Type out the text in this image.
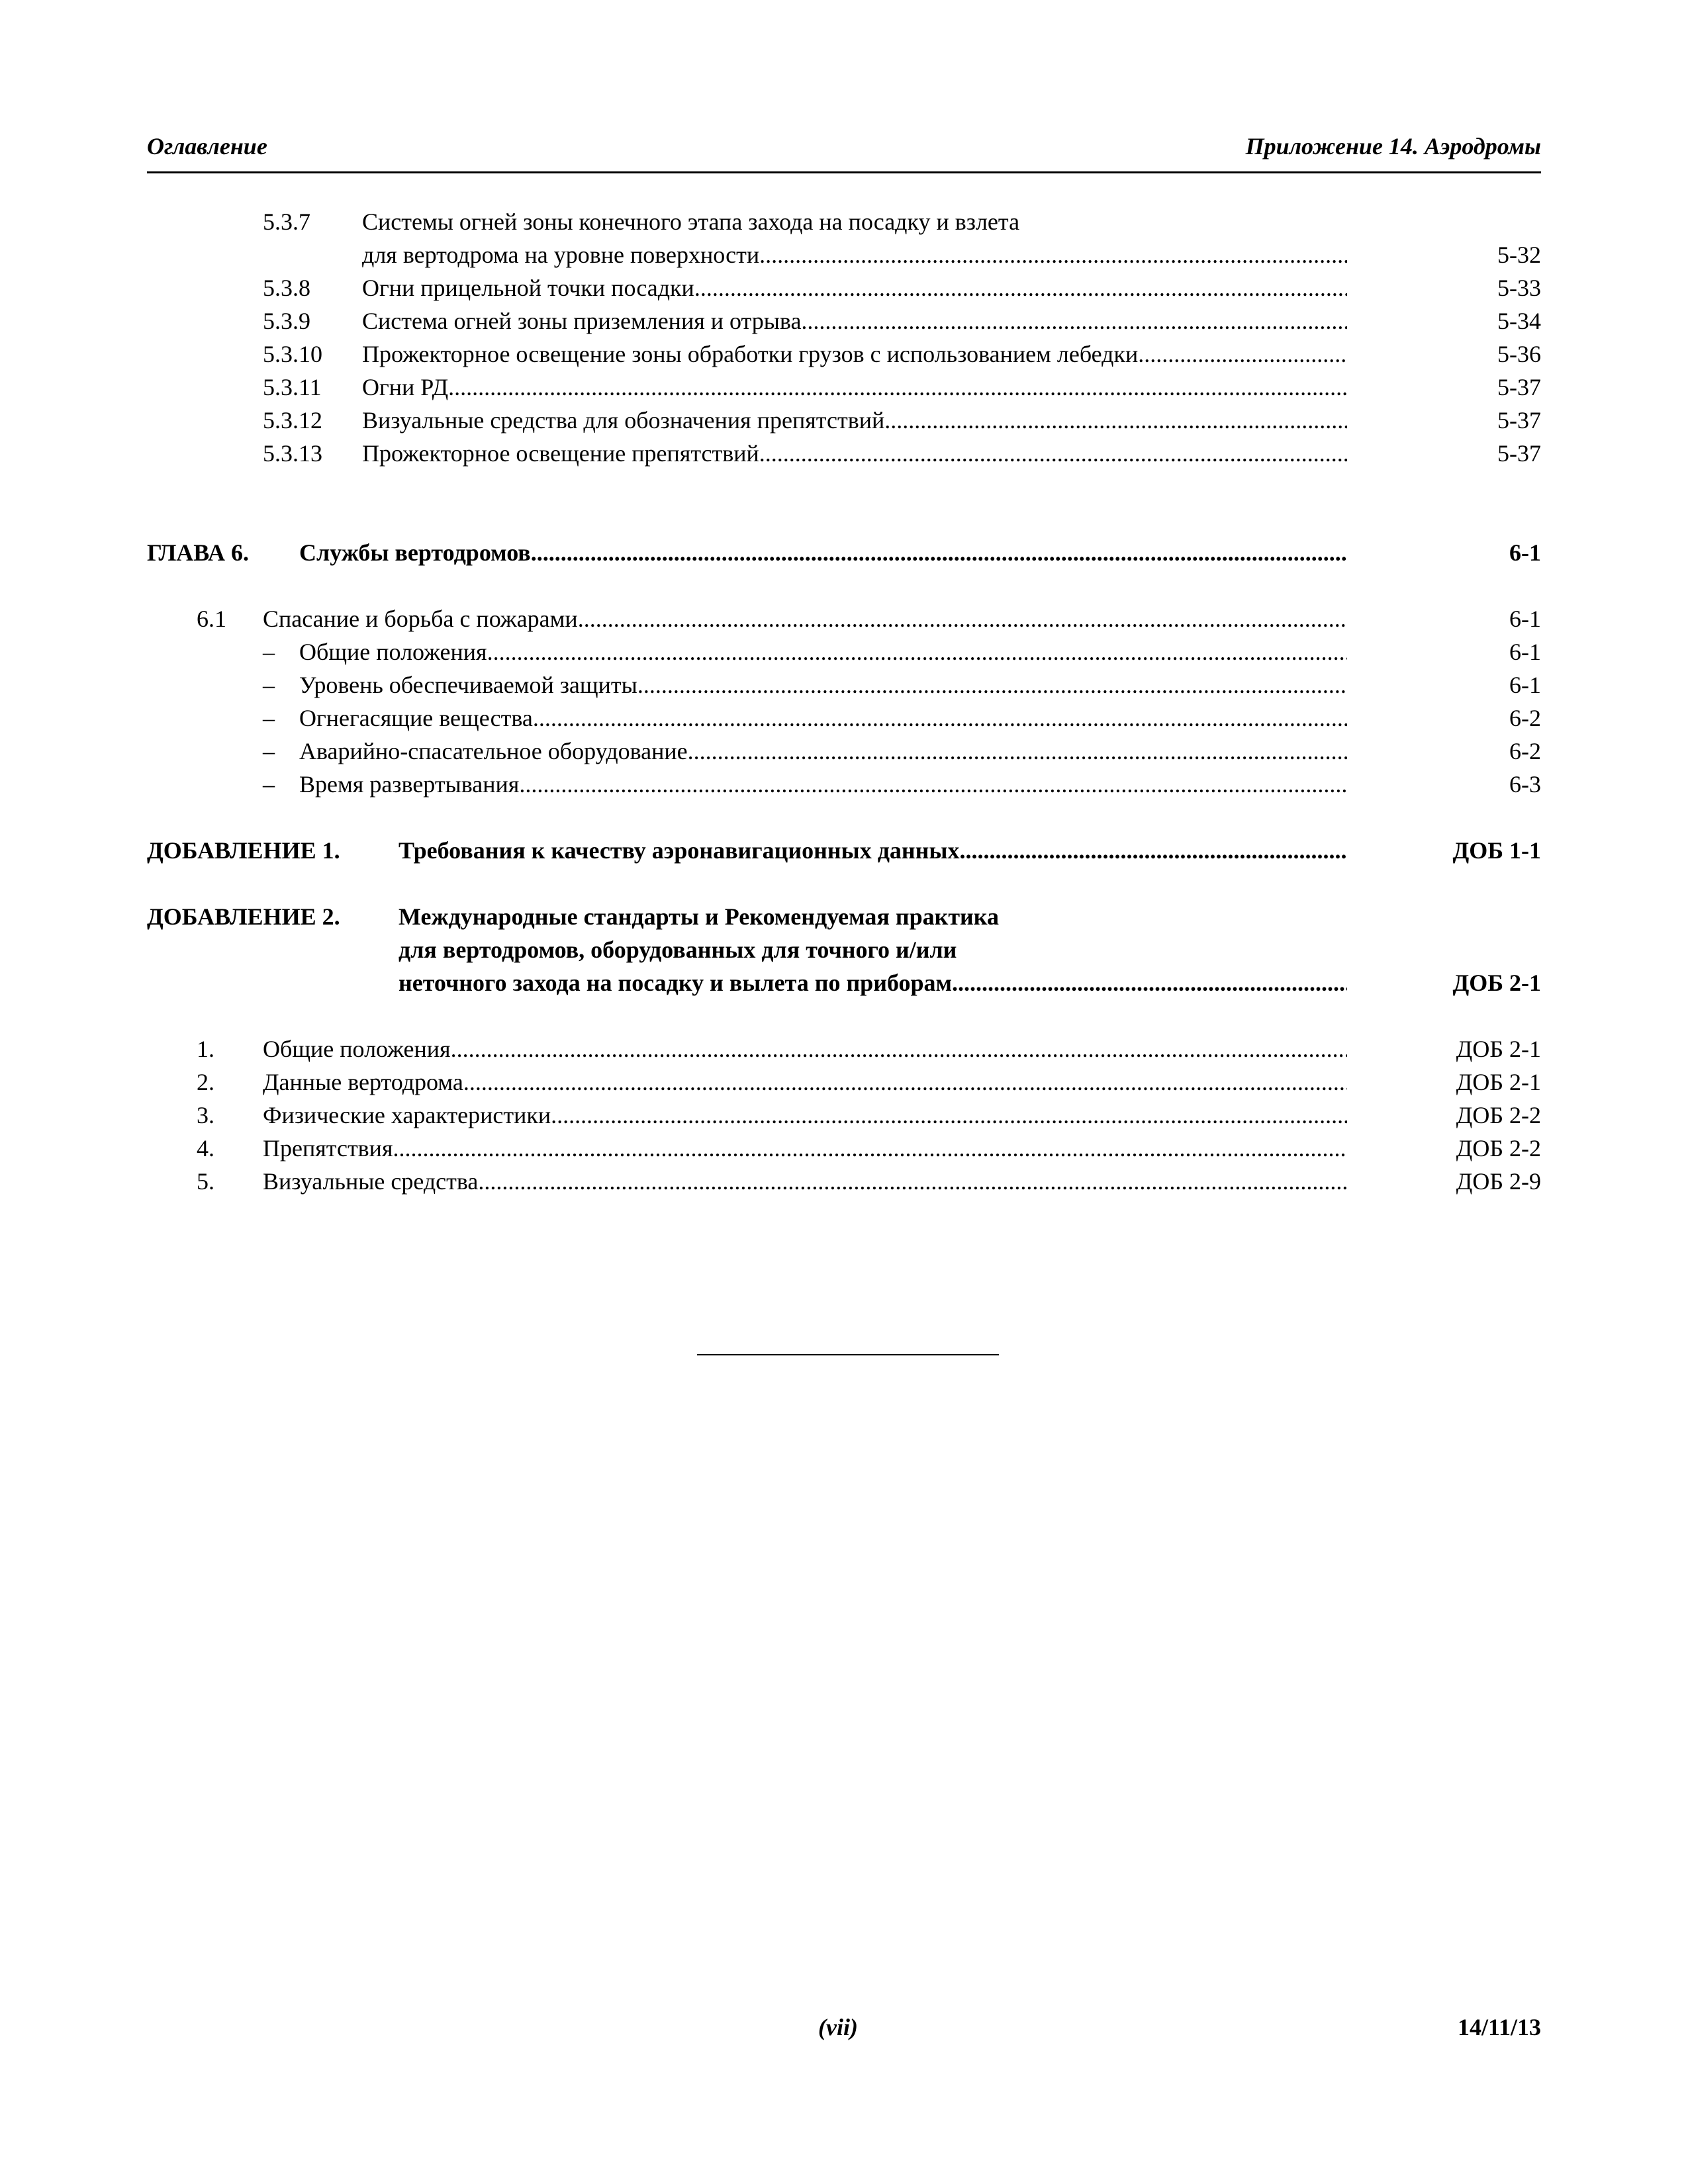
Оглавление	Приложение 14. Аэродромы
5.3.7 Системы огней зоны конечного этапа захода на посадку и взлета
для вертодрома на уровне поверхности .....	5-32
5.3.8 Огни прицельной точки посадки .....	5-33
5.3.9 Система огней зоны приземления и отрыва .....	5-34
5.3.10 Прожекторное освещение зоны обработки грузов с использованием лебедки .....	5-36
5.3.11 Огни РД .....	5-37
5.3.12 Визуальные средства для обозначения препятствий .....	5-37
5.3.13 Прожекторное освещение препятствий .....	5-37
ГЛАВА 6. Службы вертодромов .....	6-1
6.1 Спасание и борьба с пожарами .....	6-1
– Общие положения .....	6-1
– Уровень обеспечиваемой защиты .....	6-1
– Огнегасящие вещества .....	6-2
– Аварийно-спасательное оборудование .....	6-2
– Время развертывания .....	6-3
ДОБАВЛЕНИЕ 1. Требования к качеству аэронавигационных данных .....	ДОБ 1-1
ДОБАВЛЕНИЕ 2. Международные стандарты и Рекомендуемая практика
для вертодромов, оборудованных для точного и/или
неточного захода на посадку и вылета по приборам .....	ДОБ 2-1
1. Общие положения .....	ДОБ 2-1
2. Данные вертодрома .....	ДОБ 2-1
3. Физические характеристики .....	ДОБ 2-2
4. Препятствия .....	ДОБ 2-2
5. Визуальные средства .....	ДОБ 2-9
(vii)	14/11/13
